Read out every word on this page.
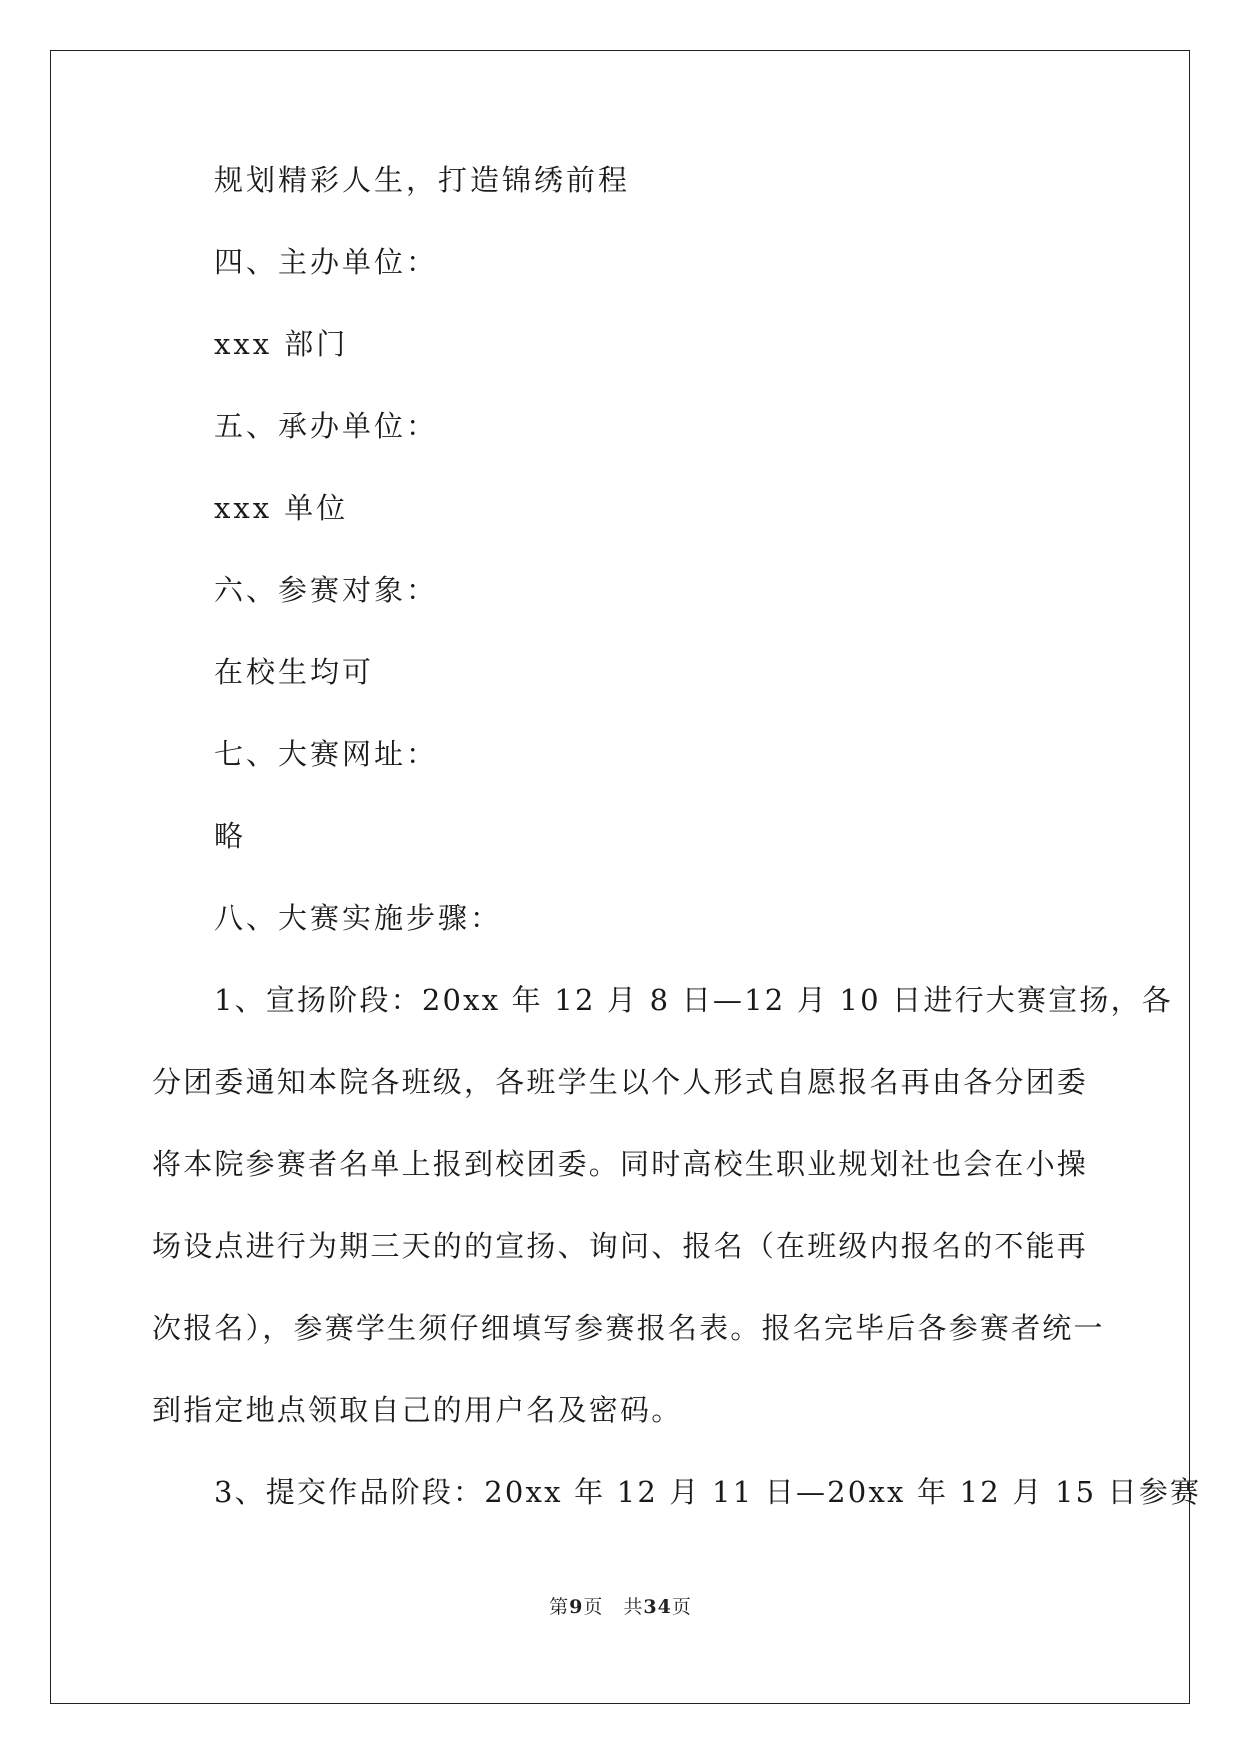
规划精彩人生，打造锦绣前程
四、主办单位：
xxx 部门
五、承办单位：
xxx 单位
六、参赛对象：
在校生均可
七、大赛网址：
略
八、大赛实施步骤：
1、宣扬阶段：20xx 年 12 月 8 日—12 月 10 日进行大赛宣扬，各
分团委通知本院各班级，各班学生以个人形式自愿报名再由各分团委
将本院参赛者名单上报到校团委。同时高校生职业规划社也会在小操
场设点进行为期三天的的宣扬、询问、报名（在班级内报名的不能再
次报名），参赛学生须仔细填写参赛报名表。报名完毕后各参赛者统一
到指定地点领取自己的用户名及密码。
3、提交作品阶段：20xx 年 12 月 11 日—20xx 年 12 月 15 日参赛
第9页　共34页
